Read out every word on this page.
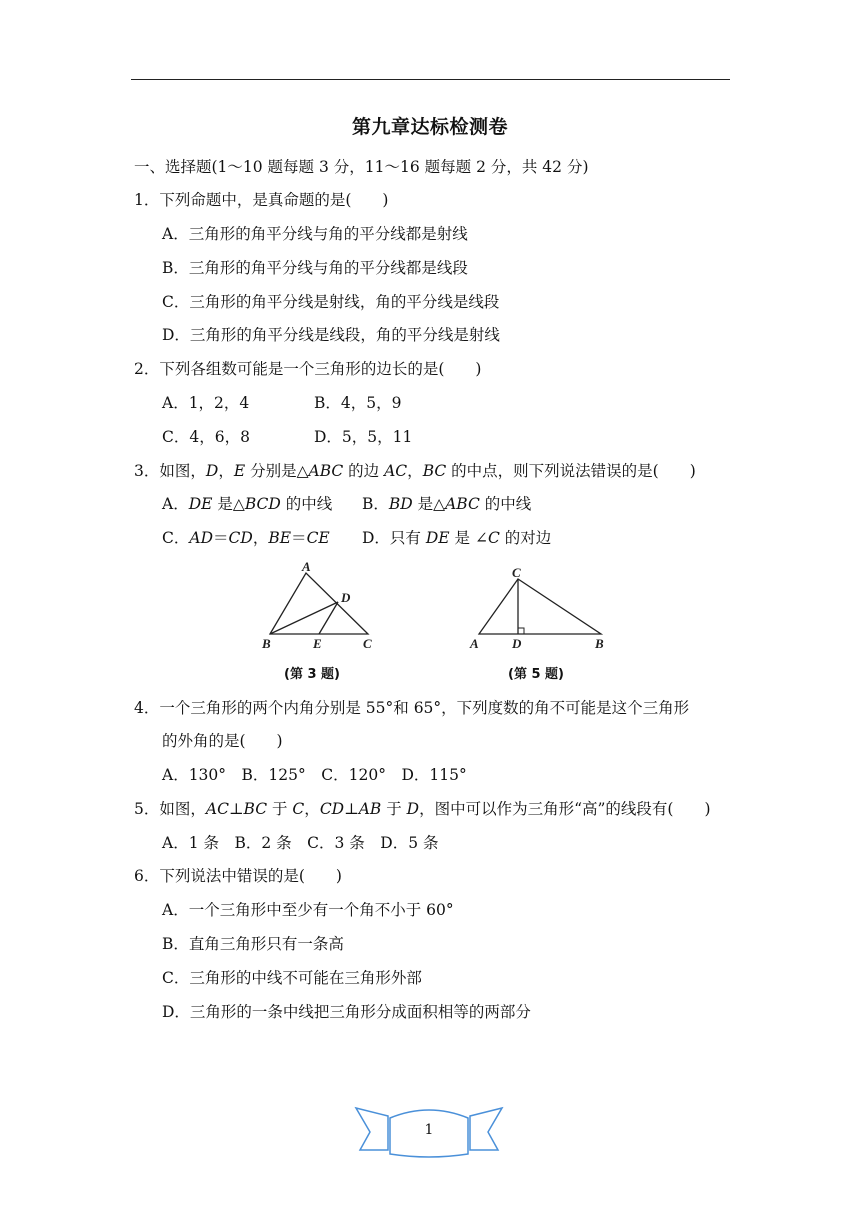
第九章达标检测卷
一、选择题(1～10 题每题 3 分，11～16 题每题 2 分，共 42 分)
1．下列命题中，是真命题的是(　　)
A．三角形的角平分线与角的平分线都是射线
B．三角形的角平分线与角的平分线都是线段
C．三角形的角平分线是射线，角的平分线是线段
D．三角形的角平分线是线段，角的平分线是射线
2．下列各组数可能是一个三角形的边长的是(　　)
A．1，2，4	B．4，5，9
C．4，6，8	D．5，5，11
3．如图，D，E 分别是△ABC 的边 AC，BC 的中点，则下列说法错误的是(　　)
A．DE 是△BCD 的中线 B．BD 是△ABC 的中线
C．AD＝CD，BE＝CE D．只有 DE 是 ∠C 的对边
A
D
B	E	C
C
A	D	B
(第 3 题)	(第 5 题)
4．一个三角形的两个内角分别是 55°和 65°，下列度数的角不可能是这个三角形
的外角的是(　　)
A．130°　B．125°　C．120°　D．115°
5．如图，AC⊥BC 于 C，CD⊥AB 于 D，图中可以作为三角形“高”的线段有(　　)
A．1 条　B．2 条　C．3 条　D．5 条
6．下列说法中错误的是(　　)
A．一个三角形中至少有一个角不小于 60°
B．直角三角形只有一条高
C．三角形的中线不可能在三角形外部
D．三角形的一条中线把三角形分成面积相等的两部分
1
